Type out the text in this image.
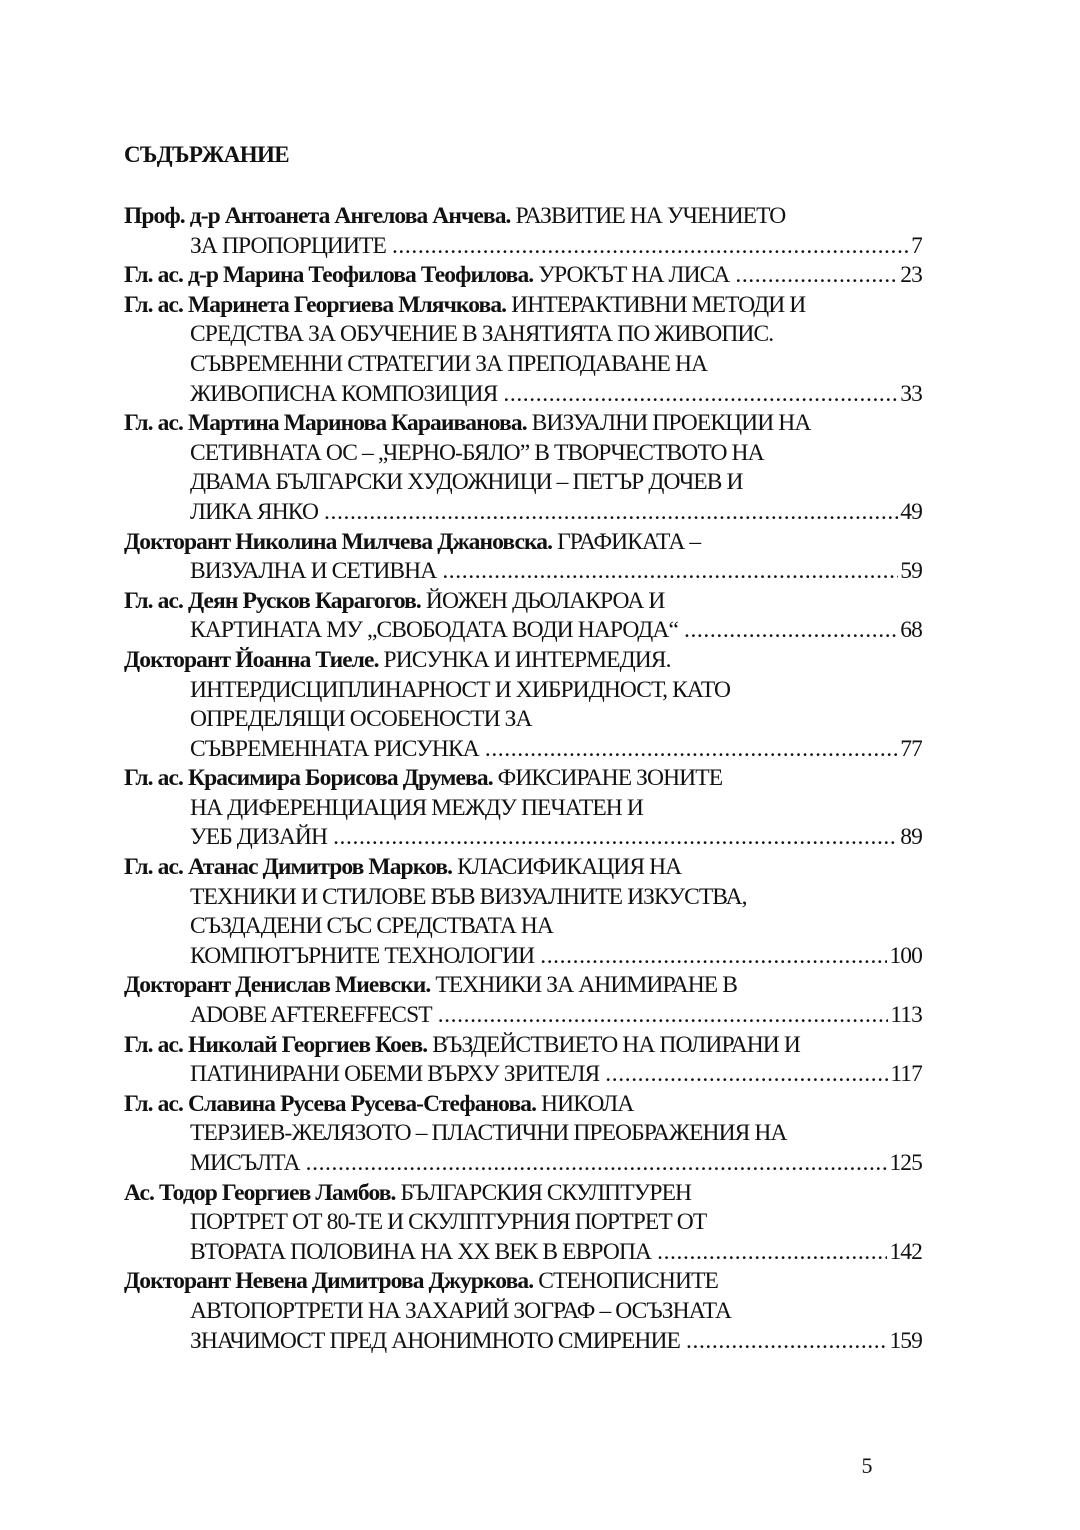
СЪДЪРЖАНИЕ
Проф. д-р Антоанета Ангелова Анчева. РАЗВИТИЕ НА УЧЕНИЕТО
ЗА ПРОПОРЦИИТЕ .....	7
Гл. ас. д-р Марина Теофилова Теофилова. УРОКЪТ НА ЛИСА .....	23
Гл. ас. Маринета Георгиева Млячкова. ИНТЕРАКТИВНИ МЕТОДИ И
СРЕДСТВА ЗА ОБУЧЕНИЕ В ЗАНЯТИЯТА ПО ЖИВОПИС.
СЪВРЕМЕННИ СТРАТЕГИИ ЗА ПРЕПОДАВАНЕ НА
ЖИВОПИСНА КОМПОЗИЦИЯ .....	33
Гл. ас. Мартина Маринова Караиванова. ВИЗУАЛНИ ПРОЕКЦИИ НА
СЕТИВНАТА ОС – „ЧЕРНО-БЯЛО” В ТВОРЧЕСТВОТО НА
ДВАМА БЪЛГАРСКИ ХУДОЖНИЦИ – ПЕТЪР ДОЧЕВ И
ЛИКА ЯНКО .....	49
Докторант Николина Милчева Джановска. ГРАФИКАТА –
ВИЗУАЛНА И СЕТИВНА .....	59
Гл. ас. Деян Русков Карагогов. ЙОЖЕН ДЬОЛАКРОА И
КАРТИНАТА МУ „СВОБОДАТА ВОДИ НАРОДА“ .....	68
Докторант Йоанна Тиеле. РИСУНКА И ИНТЕРМЕДИЯ.
ИНТЕРДИСЦИПЛИНАРНОСТ И ХИБРИДНОСТ, КАТО
ОПРЕДЕЛЯЩИ ОСОБЕНОСТИ ЗА
СЪВРЕМЕННАТА РИСУНКА .....	77
Гл. ас. Красимира Борисова Друмева. ФИКСИРАНЕ ЗОНИТЕ
НА ДИФЕРЕНЦИАЦИЯ МЕЖДУ ПЕЧАТЕН И
УЕБ ДИЗАЙН .....	89
Гл. ас. Атанас Димитров Марков. КЛАСИФИКАЦИЯ НА
ТЕХНИКИ И СТИЛОВЕ ВЪВ ВИЗУАЛНИТЕ ИЗКУСТВА,
СЪЗДАДЕНИ СЪС СРЕДСТВАТА НА
КОМПЮТЪРНИТЕ ТЕХНОЛОГИИ .....	100
Докторант Денислав Миевски. ТЕХНИКИ ЗА АНИМИРАНЕ В
ADOBE AFTEREFFECST .....	113
Гл. ас. Николай Георгиев Коев. ВЪЗДЕЙСТВИЕТО НА ПОЛИРАНИ И
ПАТИНИРАНИ ОБЕМИ ВЪРХУ ЗРИТЕЛЯ .....	117
Гл. ас. Славина Русева Русева-Стефанова. НИКОЛА
ТЕРЗИЕВ-ЖЕЛЯЗОТО – ПЛАСТИЧНИ ПРЕОБРАЖЕНИЯ НА
МИСЪЛТА .....	125
Ас. Тодор Георгиев Ламбов. БЪЛГАРСКИЯ СКУЛПТУРЕН
ПОРТРЕТ ОТ 80-ТЕ И СКУЛПТУРНИЯ ПОРТРЕТ ОТ
ВТОРАТА ПОЛОВИНА НА XX ВЕК В ЕВРОПА .....	142
Докторант Невена Димитрова Джуркова. СТЕНОПИСНИТЕ
АВТОПОРТРЕТИ НА ЗАХАРИЙ ЗОГРАФ – ОСЪЗНАТА
ЗНАЧИМОСТ ПРЕД АНОНИМНОТО СМИРЕНИЕ .....	159
5
